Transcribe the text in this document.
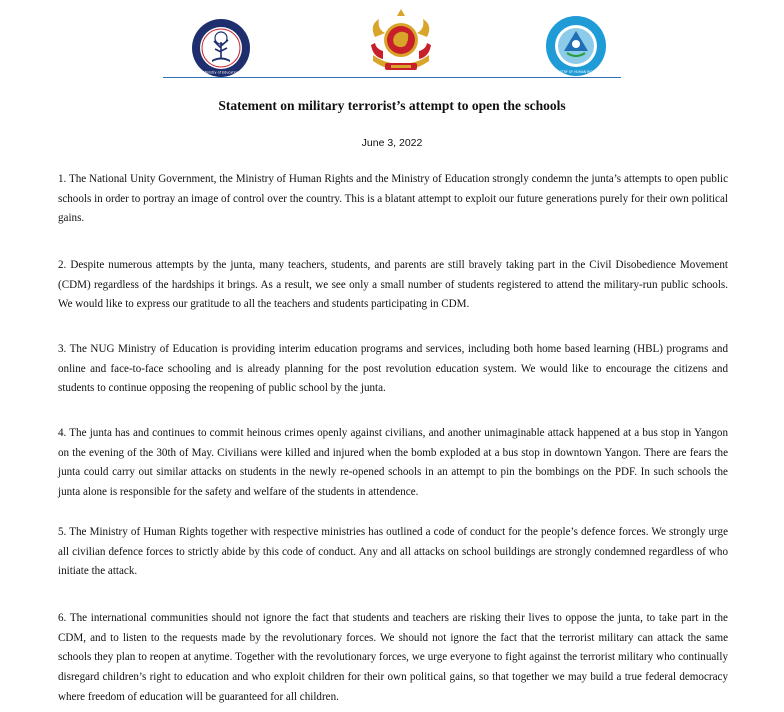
Ministry of Education	MINISTRY OF HUMAN RIGHTS
Statement on military terrorist’s attempt to open the schools
June 3, 2022

1. The National Unity Government, the Ministry of Human Rights and the Ministry of Education strongly condemn the junta’s attempts to open public schools in order to portray an image of control over the country. This is a blatant attempt to exploit our future generations purely for their own political gains.

2. Despite numerous attempts by the junta, many teachers, students, and parents are still bravely taking part in the Civil Disobedience Movement (CDM) regardless of the hardships it brings. As a result, we see only a small number of students registered to attend the military-run public schools. We would like to express our gratitude to all the teachers and students participating in CDM.

3. The NUG Ministry of Education is providing interim education programs and services, including both home based learning (HBL) programs and online and face-to-face schooling and is already planning for the post revolution education system. We would like to encourage the citizens and students to continue opposing the reopening of public school by the junta.

4. The junta has and continues to commit heinous crimes openly against civilians, and another unimaginable attack happened at a bus stop in Yangon on the evening of the 30th of May. Civilians were killed and injured when the bomb exploded at a bus stop in downtown Yangon. There are fears the junta could carry out similar attacks on students in the newly re-opened schools in an attempt to pin the bombings on the PDF. In such schools the junta alone is responsible for the safety and welfare of the students in attendence.

5. The Ministry of Human Rights together with respective ministries has outlined a code of conduct for the people’s defence forces. We strongly urge all civilian defence forces to strictly abide by this code of conduct. Any and all attacks on school buildings are strongly condemned regardless of who initiate the attack.

6. The international communities should not ignore the fact that students and teachers are risking their lives to oppose the junta, to take part in the CDM, and to listen to the requests made by the revolutionary forces. We should not ignore the fact that the terrorist military can attack the same schools they plan to reopen at anytime. Together with the revolutionary forces, we urge everyone to fight against the terrorist military who continually disregard children’s right to education and who exploit children for their own political gains, so that together we may build a true federal democracy where freedom of education will be guaranteed for all children.
